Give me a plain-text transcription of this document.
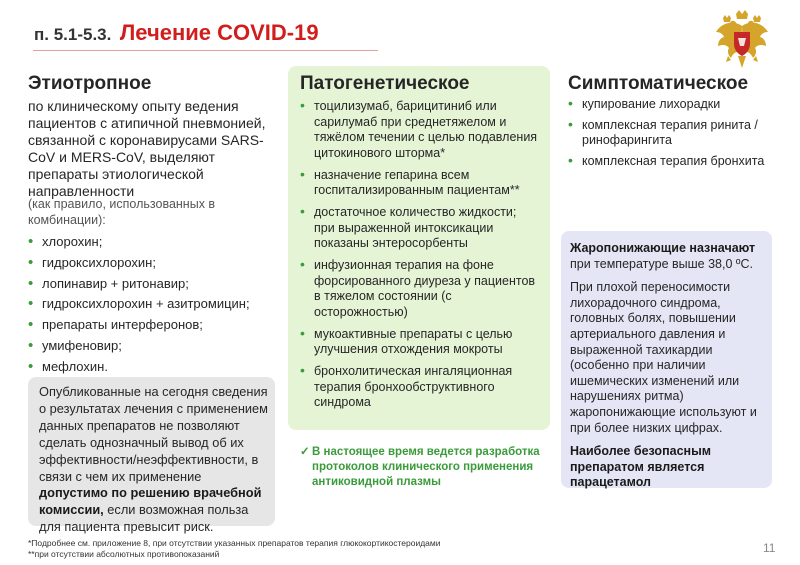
п. 5.1-5.3. Лечение COVID-19
Этиотропное
по клиническому опыту ведения пациентов с атипичной пневмонией, связанной с коронавирусами SARS-CoV и MERS-CoV, выделяют препараты этиологической направленности
(как правило, использованных в комбинации):
• хлорохин;
• гидроксихлорохин;
• лопинавир + ритонавир;
• гидроксихлорохин + азитромицин;
• препараты интерферонов;
• умифеновир;
• мефлохин.
Опубликованные на сегодня сведения о результатах лечения с применением данных препаратов не позволяют сделать однозначный вывод об их эффективности/неэффективности, в связи с чем их применение допустимо по решению врачебной комиссии, если возможная польза для пациента превысит риск.
Патогенетическое
• тоцилизумаб, барицитиниб или сарилумаб при среднетяжелом и тяжёлом течении с целью подавления цитокинового шторма*
• назначение гепарина всем госпитализированным пациентам**
• достаточное количество жидкости; при выраженной интоксикации показаны энтеросорбенты
• инфузионная терапия на фоне форсированного диуреза у пациентов в тяжелом состоянии (с осторожностью)
• мукоактивные препараты с целью улучшения отхождения мокроты
• бронхолитическая ингаляционная терапия бронхообструктивного синдрома
✓ В настоящее время ведется разработка протоколов клинического применения антиковидной плазмы
Симптоматическое
• купирование лихорадки
• комплексная терапия ринита / ринофарингита
• комплексная терапия бронхита

Жаропонижающие назначают при температуре выше 38,0 ºС.

При плохой переносимости лихорадочного синдрома, головных болях, повышении артериального давления и выраженной тахикардии (особенно при наличии ишемических изменений или нарушениях ритма) жаропонижающие используют и при более низких цифрах.

Наиболее безопасным препаратом является парацетамол

*Подробнее см. приложение 8, при отсутствии указанных препаратов терапия глюкокортикостероидами
**при отсутствии абсолютных противопоказаний	11
